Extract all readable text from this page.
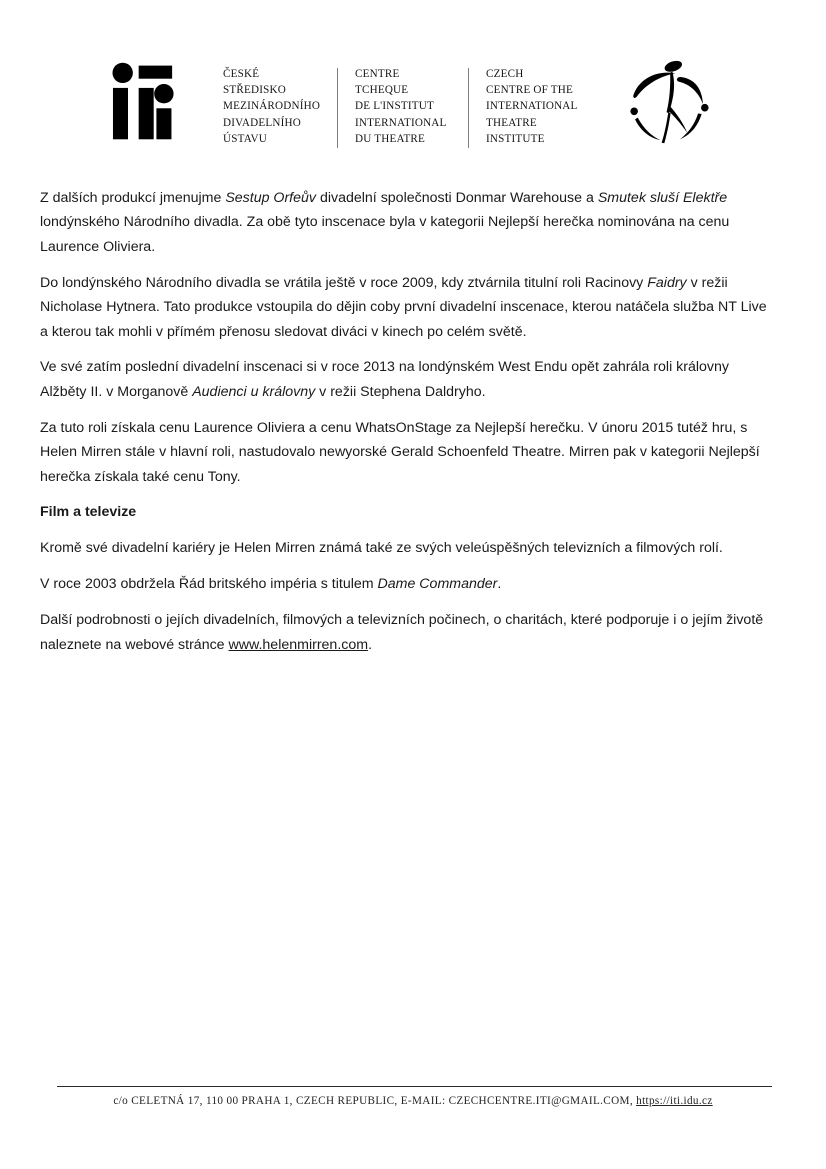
ČESKÉ
STŘEDISKO
MEZINÁRODNÍHO
DIVADELNÍHO
ÚSTAVU
CENTRE
TCHEQUE
DE L'INSTITUT
INTERNATIONAL
DU THEATRE
CZECH
CENTRE OF THE
INTERNATIONAL
THEATRE
INSTITUTE

Z dalších produkcí jmenujme Sestup Orfeův divadelní společnosti Donmar Warehouse a Smutek sluší Elektře londýnského Národního divadla. Za obě tyto inscenace byla v kategorii Nejlepší herečka nominována na cenu Laurence Oliviera.

Do londýnského Národního divadla se vrátila ještě v roce 2009, kdy ztvárnila titulní roli Racinovy Faidry v režii Nicholase Hytnera. Tato produkce vstoupila do dějin coby první divadelní inscenace, kterou natáčela služba NT Live a kterou tak mohli v přímém přenosu sledovat diváci v kinech po celém světě.

Ve své zatím poslední divadelní inscenaci si v roce 2013 na londýnském West Endu opět zahrála roli královny Alžběty II. v Morganově Audienci u královny v režii Stephena Daldryho.

Za tuto roli získala cenu Laurence Oliviera a cenu WhatsOnStage za Nejlepší herečku. V únoru 2015 tutéž hru, s Helen Mirren stále v hlavní roli, nastudovalo newyorské Gerald Schoenfeld Theatre. Mirren pak v kategorii Nejlepší herečka získala také cenu Tony.

Film a televize

Kromě své divadelní kariéry je Helen Mirren známá také ze svých veleúspěšných televizních a filmových rolí.

V roce 2003 obdržela Řád britského impéria s titulem Dame Commander.

Další podrobnosti o jejích divadelních, filmových a televizních počinech, o charitách, které podporuje i o jejím životě naleznete na webové stránce www.helenmirren.com.

c/o CELETNÁ 17, 110 00 PRAHA 1, CZECH REPUBLIC, E-MAIL: CZECHCENTRE.ITI@GMAIL.COM, https://iti.idu.cz
